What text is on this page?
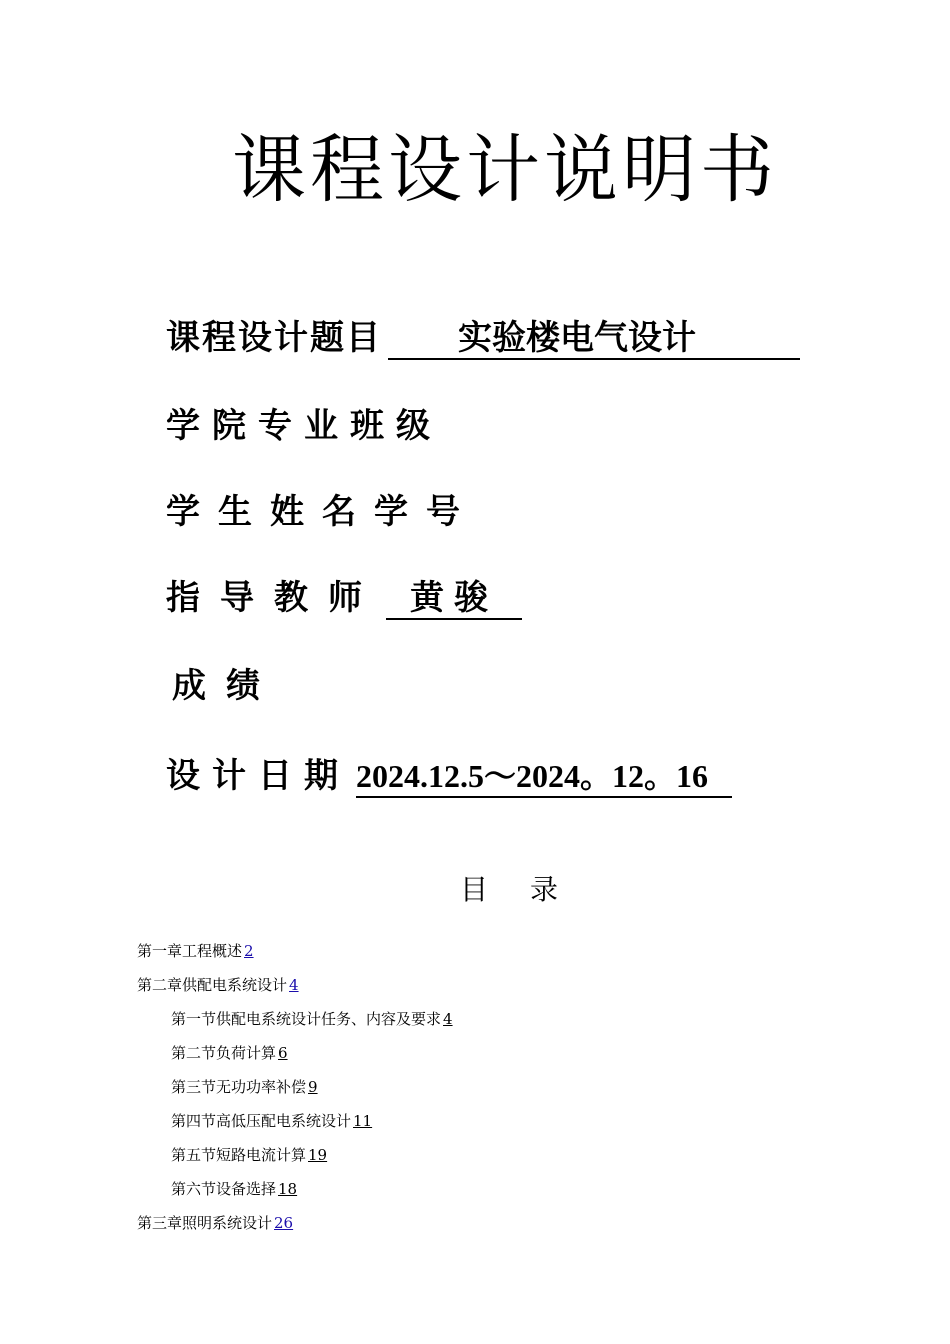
课程设计说明书
课程设计题目 实验楼电气设计
学院专业班级
学生姓名学号
指导教师 黄骏
成绩
设计日期 2024.12.5～2024。12。16
目录
第一章工程概述 2
第二章供配电系统设计 4
第一节供配电系统设计任务、内容及要求 4
第二节负荷计算 6
第三节无功功率补偿 9
第四节高低压配电系统设计 11
第五节短路电流计算 19
第六节设备选择 18
第三章照明系统设计 26
